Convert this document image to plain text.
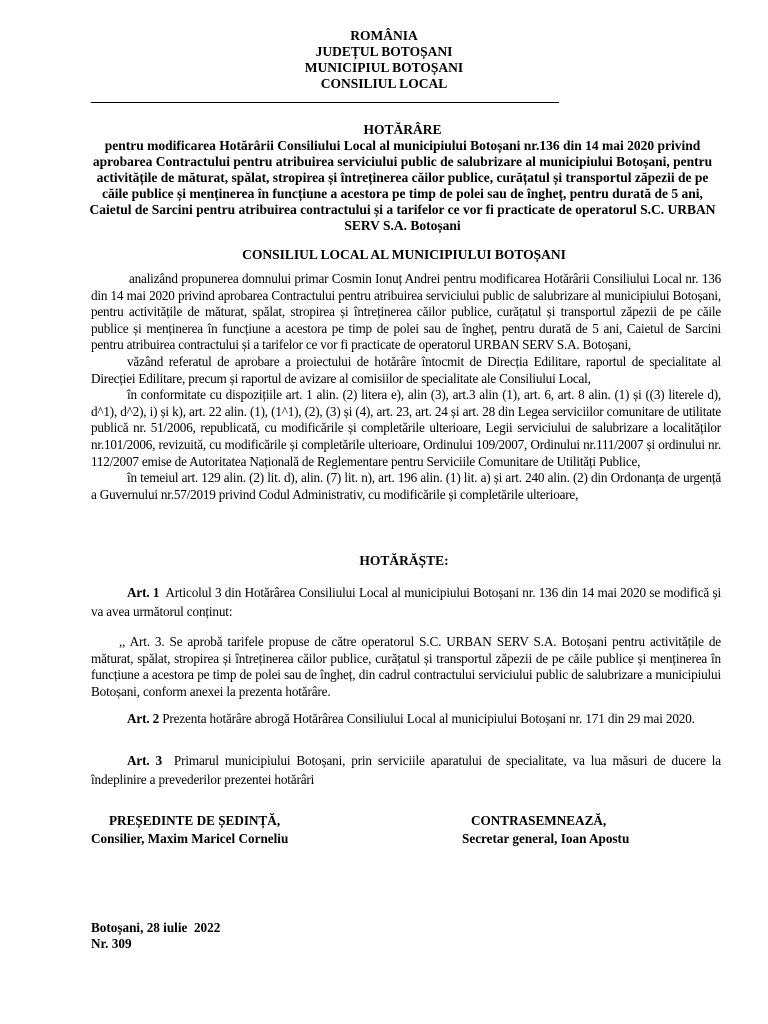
ROMÂNIA
JUDEȚUL BOTOȘANI
MUNICIPIUL BOTOȘANI
CONSILIUL LOCAL
HOTĂRÂRE
pentru modificarea Hotărârii Consiliului Local al municipiului Botoșani nr.136 din 14 mai 2020 privind aprobarea Contractului pentru atribuirea serviciului public de salubrizare al municipiului Botoșani, pentru activitățile de măturat, spălat, stropirea și întreținerea căilor publice, curățatul și transportul zăpezii de pe căile publice și menținerea în funcțiune a acestora pe timp de polei sau de îngheț, pentru durată de 5 ani, Caietul de Sarcini pentru atribuirea contractului și a tarifelor ce vor fi practicate de operatorul S.C. URBAN SERV S.A. Botoșani
CONSILIUL LOCAL AL MUNICIPIULUI BOTOȘANI

analizând propunerea domnului primar Cosmin Ionuț Andrei pentru modificarea Hotărârii Consiliului Local nr. 136 din 14 mai 2020 privind aprobarea Contractului pentru atribuirea serviciului public de salubrizare al municipiului Botoșani, pentru activitățile de măturat, spălat, stropirea și întreținerea căilor publice, curățatul și transportul zăpezii de pe căile publice și menținerea în funcțiune a acestora pe timp de polei sau de îngheț, pentru durată de 5 ani, Caietul de Sarcini pentru atribuirea contractului și a tarifelor ce vor fi practicate de operatorul URBAN SERV S.A. Botoșani,

văzând referatul de aprobare a proiectului de hotărâre întocmit de Direcția Edilitare, raportul de specialitate al Direcției Edilitare, precum și raportul de avizare al comisiilor de specialitate ale Consiliului Local,

în conformitate cu dispozițiile art. 1 alin. (2) litera e), alin (3), art.3 alin (1), art. 6, art. 8 alin. (1) și ((3) literele d), d^1), d^2), i) și k), art. 22 alin. (1), (1^1), (2), (3) și (4), art. 23, art. 24 și art. 28 din Legea serviciilor comunitare de utilitate publică nr. 51/2006, republicată, cu modificările și completările ulterioare, Legii serviciului de salubrizare a localităților nr.101/2006, revizuită, cu modificările și completările ulterioare, Ordinului 109/2007, Ordinului nr.111/2007 și ordinului nr. 112/2007 emise de Autoritatea Națională de Reglementare pentru Serviciile Comunitare de Utilități Publice,

în temeiul art. 129 alin. (2) lit. d), alin. (7) lit. n), art. 196 alin. (1) lit. a) și art. 240 alin. (2) din Ordonanța de urgență a Guvernului nr.57/2019 privind Codul Administrativ, cu modificările și completările ulterioare,

HOTĂRĂȘTE:

Art. 1 Articolul 3 din Hotărârea Consiliului Local al municipiului Botoșani nr. 136 din 14 mai 2020 se modifică și va avea următorul conținut:

,, Art. 3. Se aprobă tarifele propuse de către operatorul S.C. URBAN SERV S.A. Botoșani pentru activitățile de măturat, spălat, stropirea și întreținerea căilor publice, curățatul și transportul zăpezii de pe căile publice și menținerea în funcțiune a acestora pe timp de polei sau de îngheț, din cadrul contractului serviciului public de salubrizare a municipiului Botoșani, conform anexei la prezenta hotărâre.

Art. 2 Prezenta hotărâre abrogă Hotărârea Consiliului Local al municipiului Botoșani nr. 171 din 29 mai 2020.

Art. 3 Primarul municipiului Botoșani, prin serviciile aparatului de specialitate, va lua măsuri de ducere la îndeplinire a prevederilor prezentei hotărâri

PREȘEDINTE DE ȘEDINȚĂ,
Consilier, Maxim Maricel Corneliu
CONTRASEMNEAZĂ,
Secretar general, Ioan Apostu
Botoșani, 28 iulie  2022
Nr. 309
